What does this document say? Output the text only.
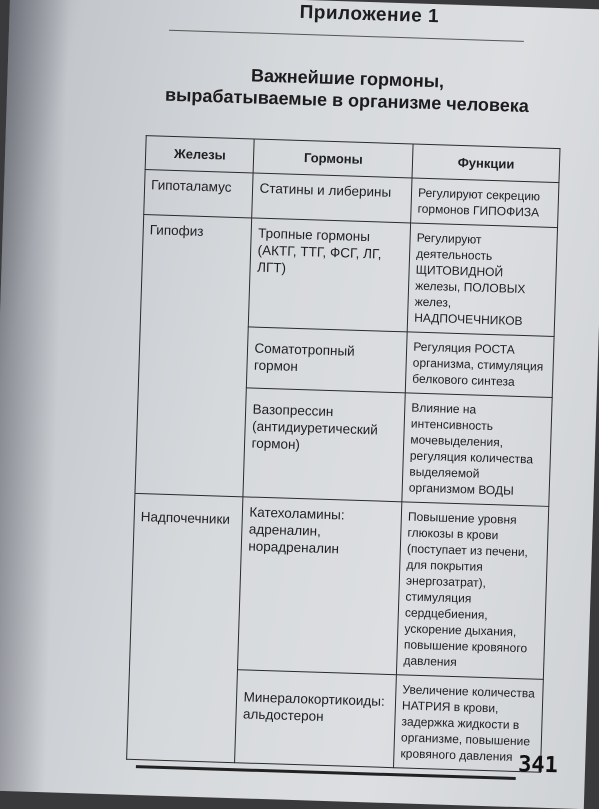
Приложение 1
Важнейшие гормоны,
вырабатываемые в организме человека
Железы	Гормоны	Функции
Гипоталамус	Статины и либерины	Регулируют секрецию гормонов ГИПОФИЗА
Гипофиз	Тропные гормоны (АКТГ, ТТГ, ФСГ, ЛГ, ЛГТ)	Регулируют деятельность ЩИТОВИДНОЙ железы, ПОЛОВЫХ желез, НАДПОЧЕЧНИКОВ
	Соматотропный гормон	Регуляция РОСТА организма, стимуляция белкового синтеза
	Вазопрессин (антидиуретический гормон)	Влияние на интенсивность мочевыделения, регуляция количества выделяемой организмом ВОДЫ
Надпочечники	Катехоламины: адреналин, норадреналин	Повышение уровня глюкозы в крови (поступает из печени, для покрытия энергозатрат), стимуляция сердцебиения, ускорение дыхания, повышение кровяного давления
	Минералокортикоиды: альдостерон	Увеличение количества НАТРИЯ в крови, задержка жидкости в организме, повышение кровяного давления 341
